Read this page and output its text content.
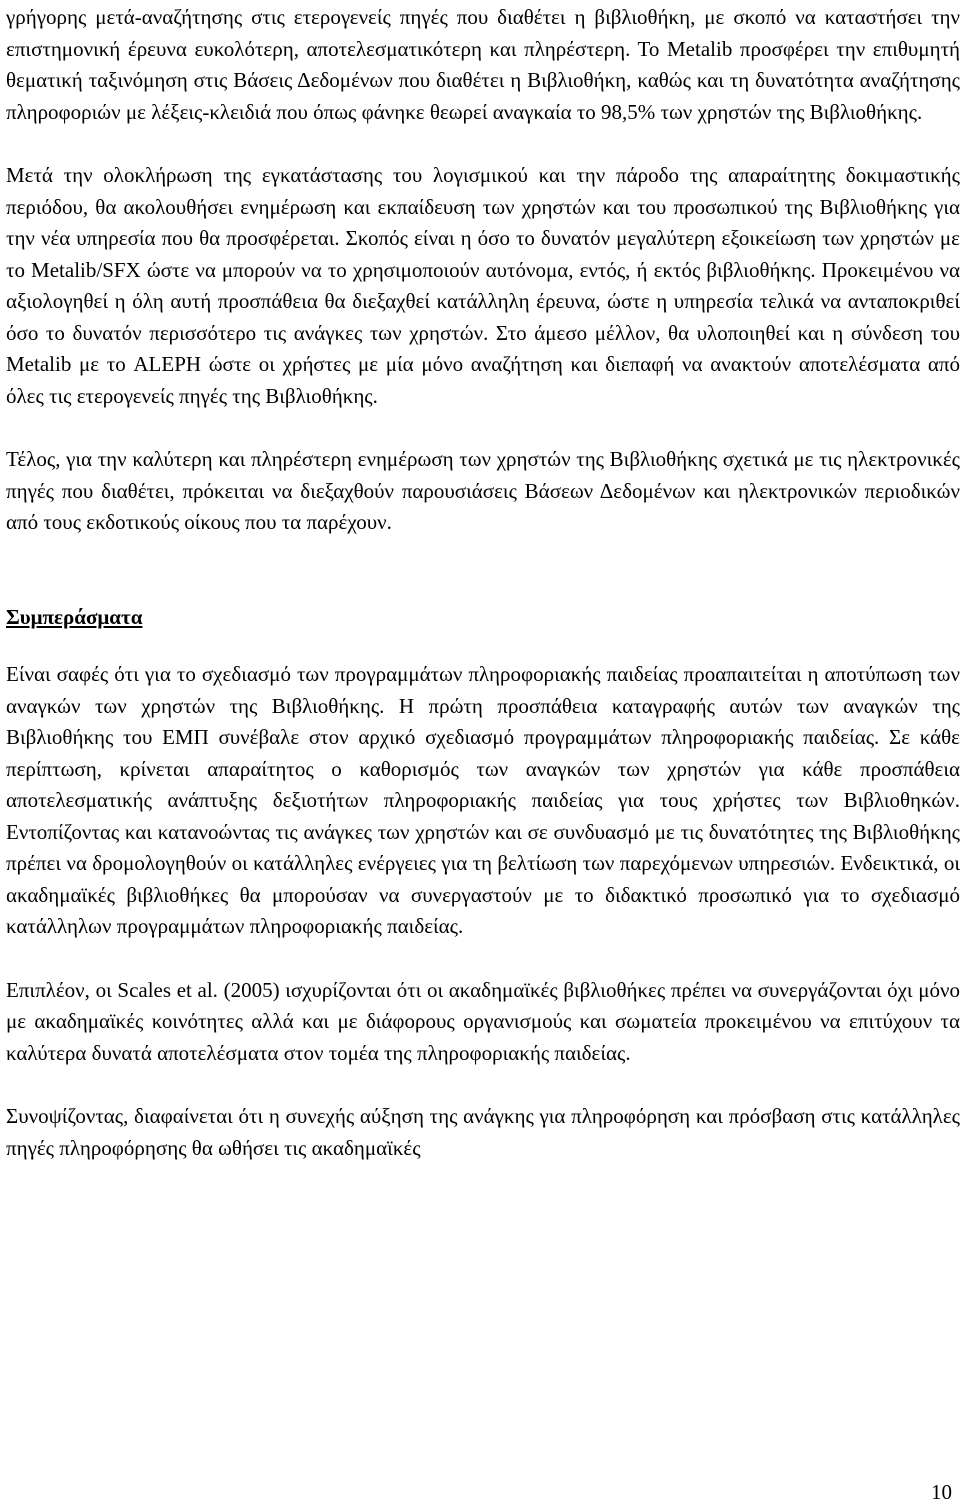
γρήγορης μετά-αναζήτησης στις ετερογενείς πηγές που διαθέτει η βιβλιοθήκη, με σκοπό να καταστήσει την επιστημονική έρευνα ευκολότερη, αποτελεσματικότερη και πληρέστερη. Το Metalib προσφέρει την επιθυμητή θεματική ταξινόμηση στις Βάσεις Δεδομένων που διαθέτει η Βιβλιοθήκη, καθώς και τη δυνατότητα αναζήτησης πληροφοριών με λέξεις-κλειδιά που όπως φάνηκε θεωρεί αναγκαία το 98,5% των χρηστών της Βιβλιοθήκης.

Μετά την ολοκλήρωση της εγκατάστασης του λογισμικού και την πάροδο της απαραίτητης δοκιμαστικής περιόδου, θα ακολουθήσει ενημέρωση και εκπαίδευση των χρηστών και του προσωπικού της Βιβλιοθήκης για την νέα υπηρεσία που θα προσφέρεται. Σκοπός είναι η όσο το δυνατόν μεγαλύτερη εξοικείωση των χρηστών με το Metalib/SFX ώστε να μπορούν να το χρησιμοποιούν αυτόνομα, εντός, ή εκτός βιβλιοθήκης. Προκειμένου να αξιολογηθεί η όλη αυτή προσπάθεια θα διεξαχθεί κατάλληλη έρευνα, ώστε η υπηρεσία τελικά να ανταποκριθεί όσο το δυνατόν περισσότερο τις ανάγκες των χρηστών. Στο άμεσο μέλλον, θα υλοποιηθεί και η σύνδεση του Metalib με το ALEPH ώστε οι χρήστες με μία μόνο αναζήτηση και διεπαφή να ανακτούν αποτελέσματα από όλες τις ετερογενείς πηγές της Βιβλιοθήκης.

Τέλος, για την καλύτερη και πληρέστερη ενημέρωση των χρηστών της Βιβλιοθήκης σχετικά με τις ηλεκτρονικές πηγές που διαθέτει, πρόκειται να διεξαχθούν παρουσιάσεις Βάσεων Δεδομένων και ηλεκτρονικών περιοδικών από τους εκδοτικούς οίκους που τα παρέχουν.

Συμπεράσματα

Είναι σαφές ότι για το σχεδιασμό των προγραμμάτων πληροφοριακής παιδείας προαπαιτείται η αποτύπωση των αναγκών των χρηστών της Βιβλιοθήκης. Η πρώτη προσπάθεια καταγραφής αυτών των αναγκών της Βιβλιοθήκης του ΕΜΠ συνέβαλε στον αρχικό σχεδιασμό προγραμμάτων πληροφοριακής παιδείας. Σε κάθε περίπτωση, κρίνεται απαραίτητος ο καθορισμός των αναγκών των χρηστών για κάθε προσπάθεια αποτελεσματικής ανάπτυξης δεξιοτήτων πληροφοριακής παιδείας για τους χρήστες των Βιβλιοθηκών. Εντοπίζοντας και κατανοώντας τις ανάγκες των χρηστών και σε συνδυασμό με τις δυνατότητες της Βιβλιοθήκης πρέπει να δρομολογηθούν οι κατάλληλες ενέργειες για τη βελτίωση των παρεχόμενων υπηρεσιών. Ενδεικτικά, οι ακαδημαϊκές βιβλιοθήκες θα μπορούσαν να συνεργαστούν με το διδακτικό προσωπικό για το σχεδιασμό κατάλληλων προγραμμάτων πληροφοριακής παιδείας.

Επιπλέον, οι Scales et al. (2005) ισχυρίζονται ότι οι ακαδημαϊκές βιβλιοθήκες πρέπει να συνεργάζονται όχι μόνο με ακαδημαϊκές κοινότητες αλλά και με διάφορους οργανισμούς και σωματεία προκειμένου να επιτύχουν τα καλύτερα δυνατά αποτελέσματα στον τομέα της πληροφοριακής παιδείας.

Συνοψίζοντας, διαφαίνεται ότι η συνεχής αύξηση της ανάγκης για πληροφόρηση και πρόσβαση στις κατάλληλες πηγές πληροφόρησης θα ωθήσει τις ακαδημαϊκές

10
